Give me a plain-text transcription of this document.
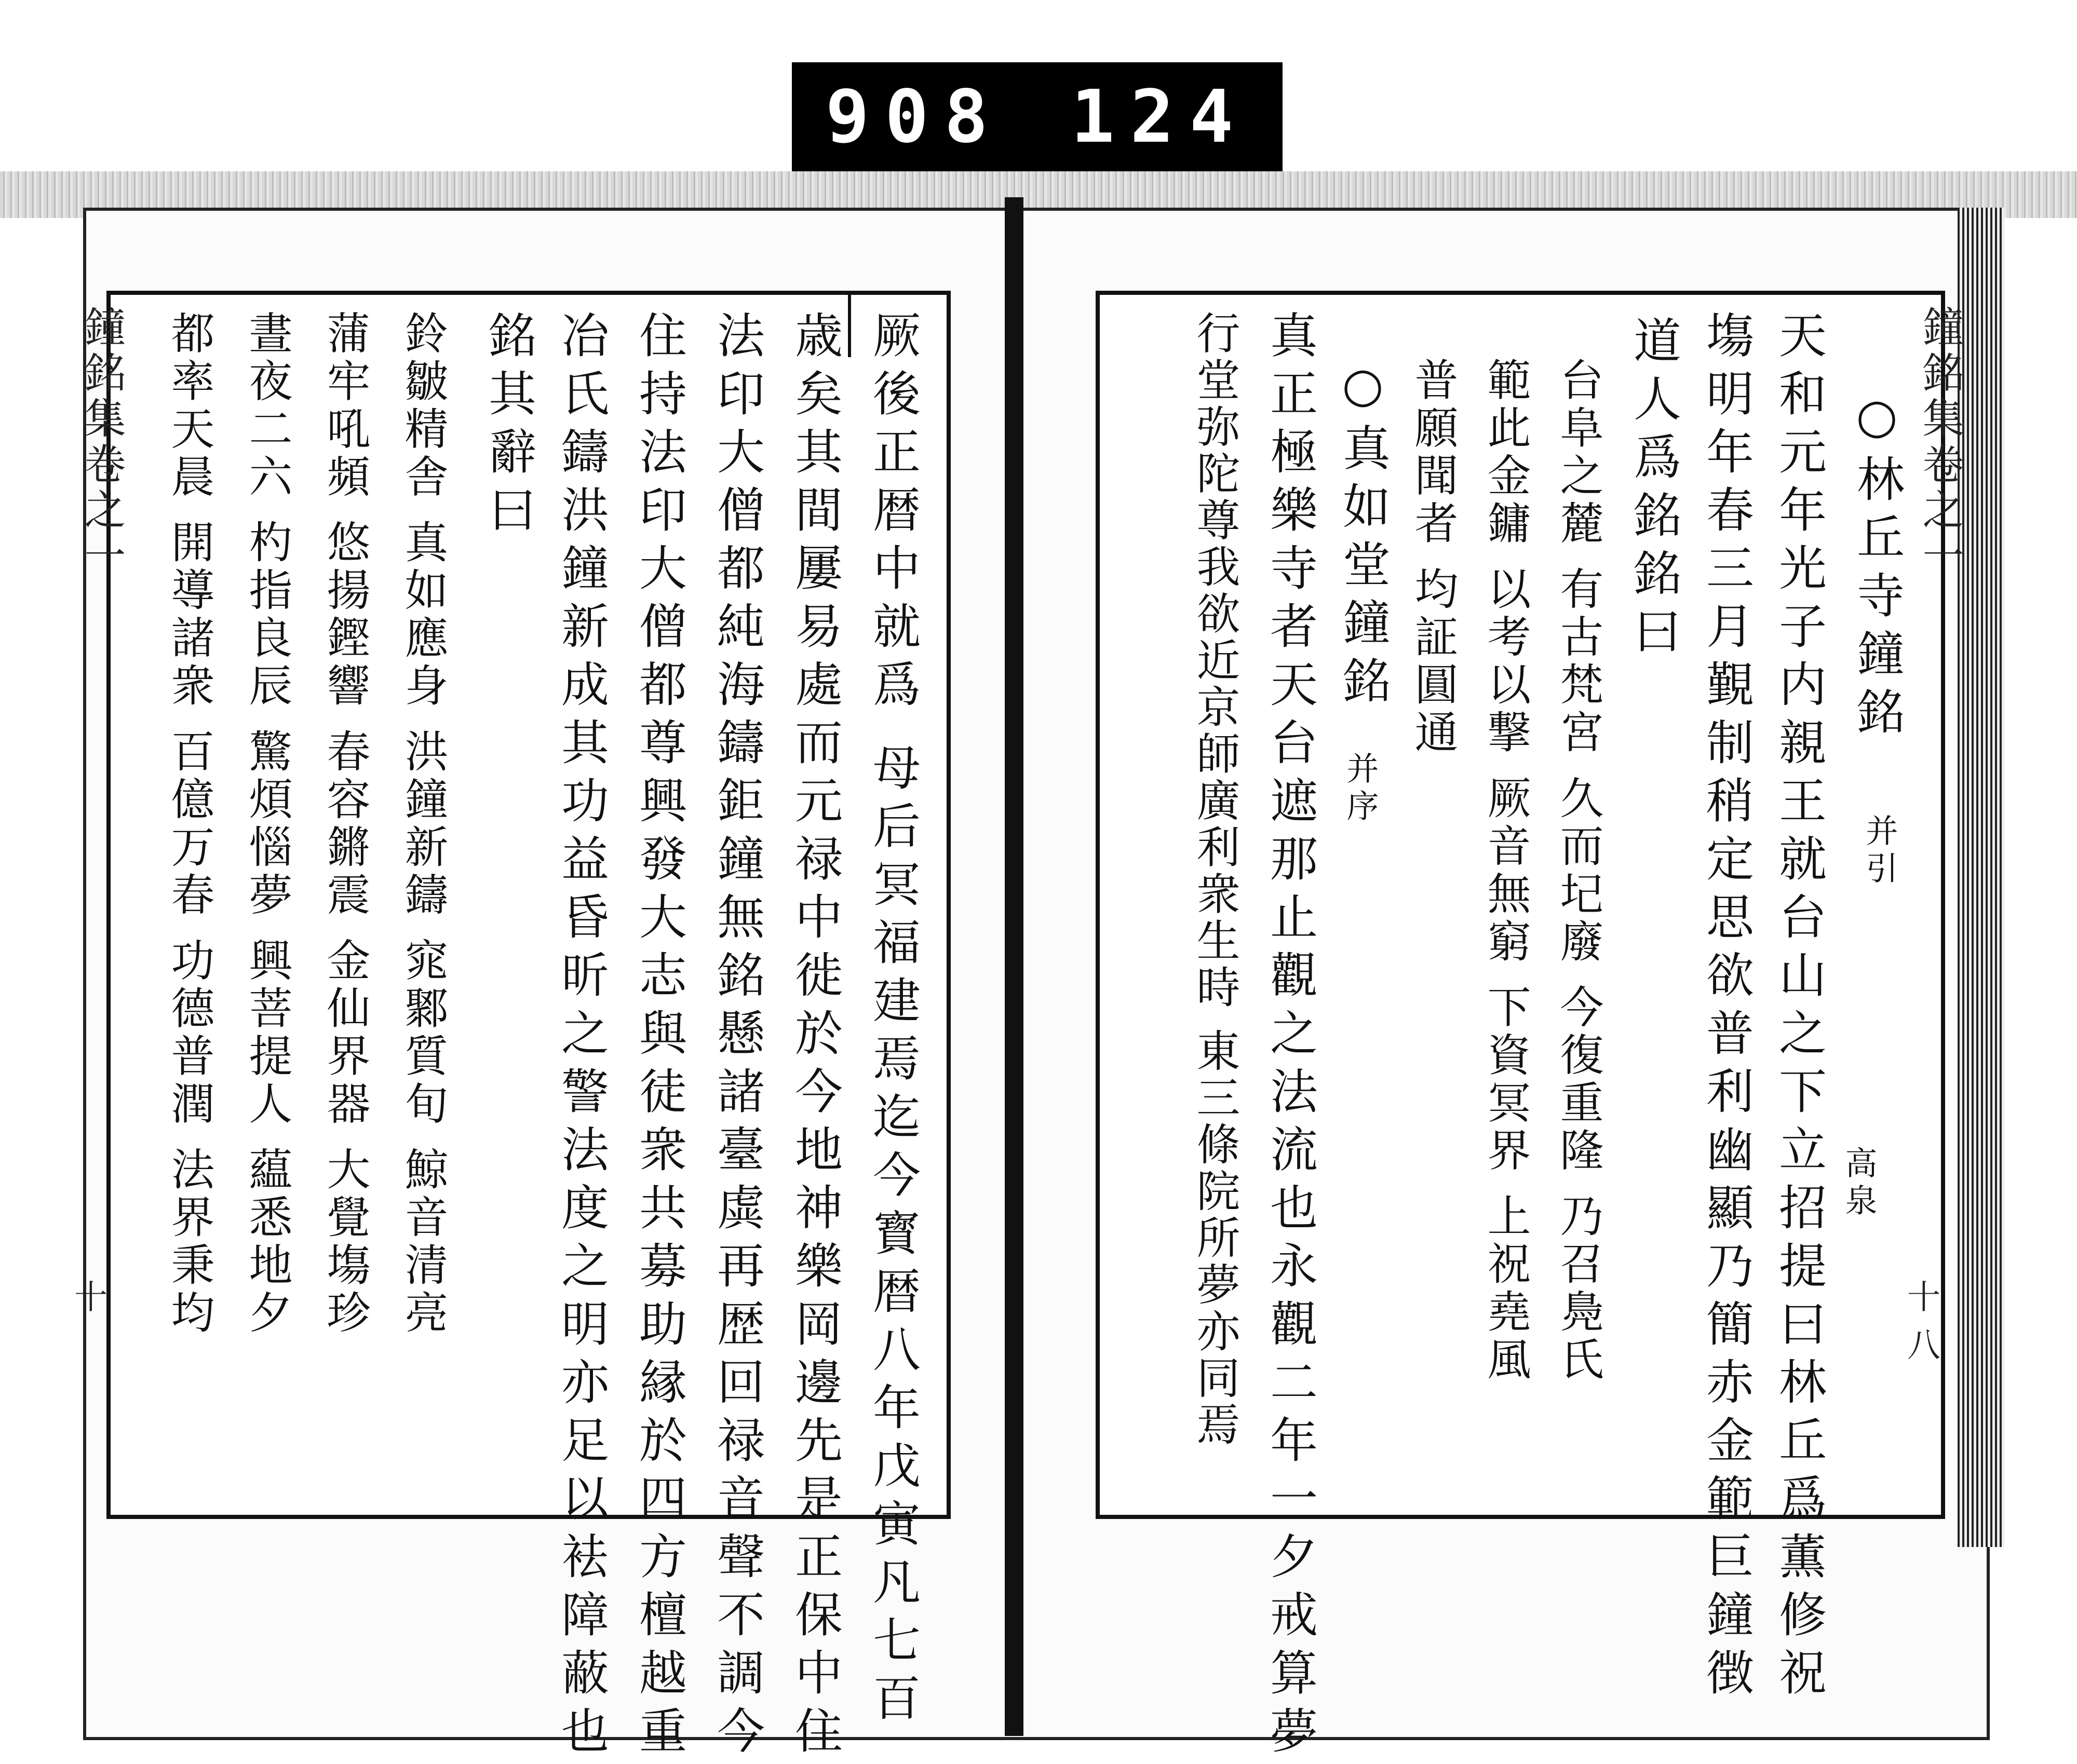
908 124
鐘銘集卷之一
十	厥後正暦中就爲 母后冥福建焉迄今寳暦八年戊寅凡七百
歳矣其間屢易處而元禄中徙於今地神樂岡邊先是正保中住
法印大僧都純海鑄鉅鐘無銘懸諸臺虡再歴回禄音聲不調今
住持法印大僧都尊興發大志與徒衆共募助縁於四方檀越重
冶氏鑄洪鐘新成其功益昏昕之警法度之明亦足以袪障蔽也
銘其辭曰
鈴皺精舎 真如應身 洪鐘新鑄 窕鄹質旬 鯨音清亮
蒲牢吼頻 悠揚鏗響 春容鏘震 金仙界器 大覺塲珍
晝夜二六 杓指良辰 驚煩惱夢 興菩提人 藴悉地夕
都率天晨 開導諸衆 百億万春 功德普潤 法界秉均	鐘銘集卷之一
十八
○林丘寺鐘銘
并引
高泉
天和元年光子内親王就台山之下立招提曰林丘爲薫修祝
塲明年春三月覲制稍定思欲普利幽顯乃簡赤金範巨鐘徴
道人爲銘銘曰
台阜之麓 有古梵宮 久而圮廢 今復重隆 乃召鳧氏
範此金鏞 以考以撃 厥音無窮 下資冥界 上祝堯風
普願聞者 均証圓通
○真如堂鐘銘
并序
真正極樂寺者天台遮那止觀之法流也永觀二年一夕戒算夢
行堂弥陀尊我欲近京師廣利衆生時 東三條院所夢亦同焉
